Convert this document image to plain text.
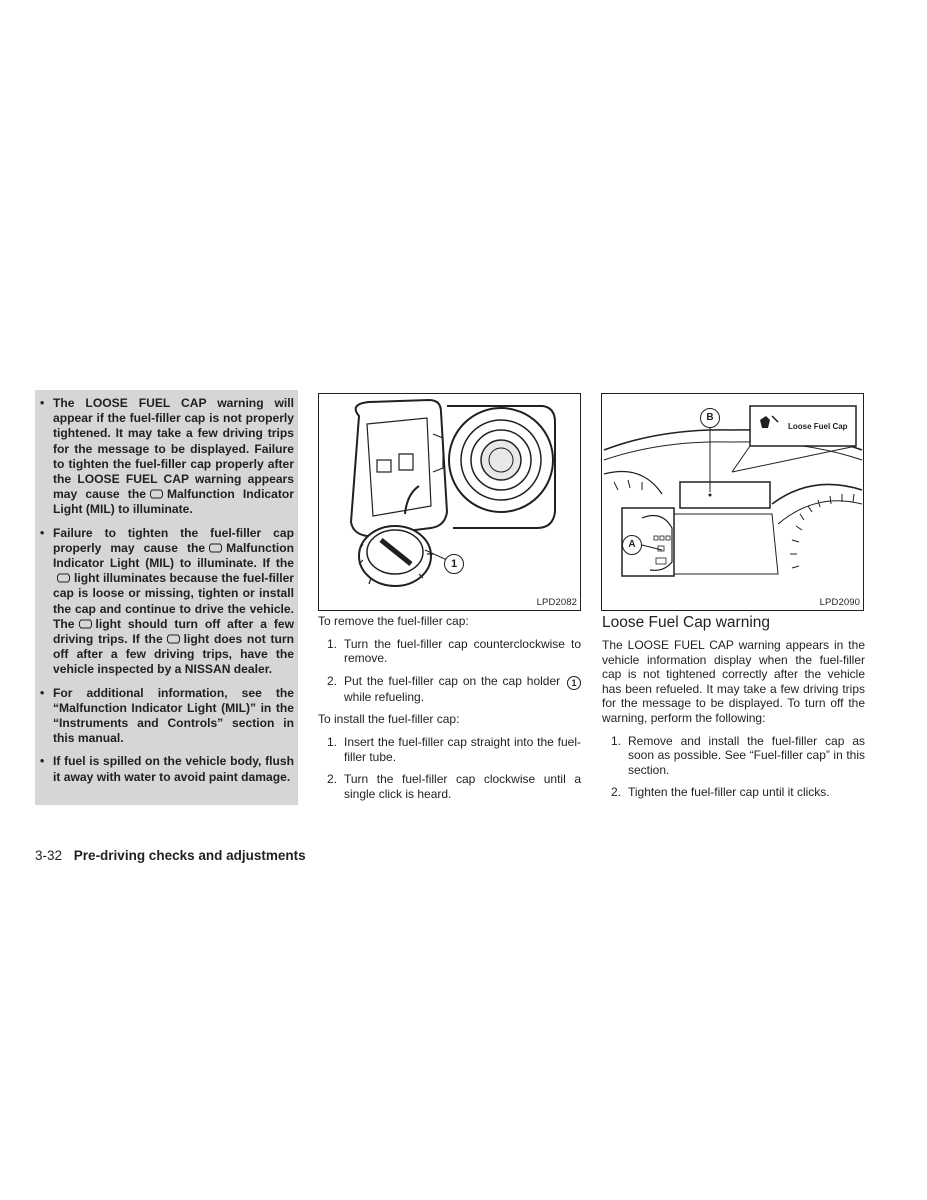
• The LOOSE FUEL CAP warning will appear if the fuel-filler cap is not properly tightened. It may take a few driving trips for the message to be displayed. Failure to tighten the fuel-filler cap properly after the LOOSE FUEL CAP warning appears may cause the Malfunction Indicator Light (MIL) to illuminate.
• Failure to tighten the fuel-filler cap properly may cause the Malfunction Indicator Light (MIL) to illuminate. If thelight illuminates because the fuel-filler cap is loose or missing, tighten or install the cap and continue to drive the vehicle. The light should turn off after a few driving trips. If the light does not turn off after a few driving trips, have the vehicle inspected by a NISSAN dealer.
• For additional information, see the “Malfunction Indicator Light (MIL)” in the “Instruments and Controls” section in this manual.
• If fuel is spilled on the vehicle body, flush it away with water to avoid paint damage.
1
LPD2082
Loose Fuel Cap
B
A
LPD2090

To remove the fuel-filler cap:

1. Turn the fuel-filler cap counterclockwise to remove.
2. Put the fuel-filler cap on the cap holder 1 while refueling.

To install the fuel-filler cap:

1. Insert the fuel-filler cap straight into the fuel-filler tube.
2. Turn the fuel-filler cap clockwise until a single click is heard.
Loose Fuel Cap warning

The LOOSE FUEL CAP warning appears in the vehicle information display when the fuel-filler cap is not tightened correctly after the vehicle has been refueled. It may take a few driving trips for the message to be displayed. To turn off the warning, perform the following:

1. Remove and install the fuel-filler cap as soon as possible. See “Fuel-filler cap” in this section.
2. Tighten the fuel-filler cap until it clicks.
3-32 Pre-driving checks and adjustments
